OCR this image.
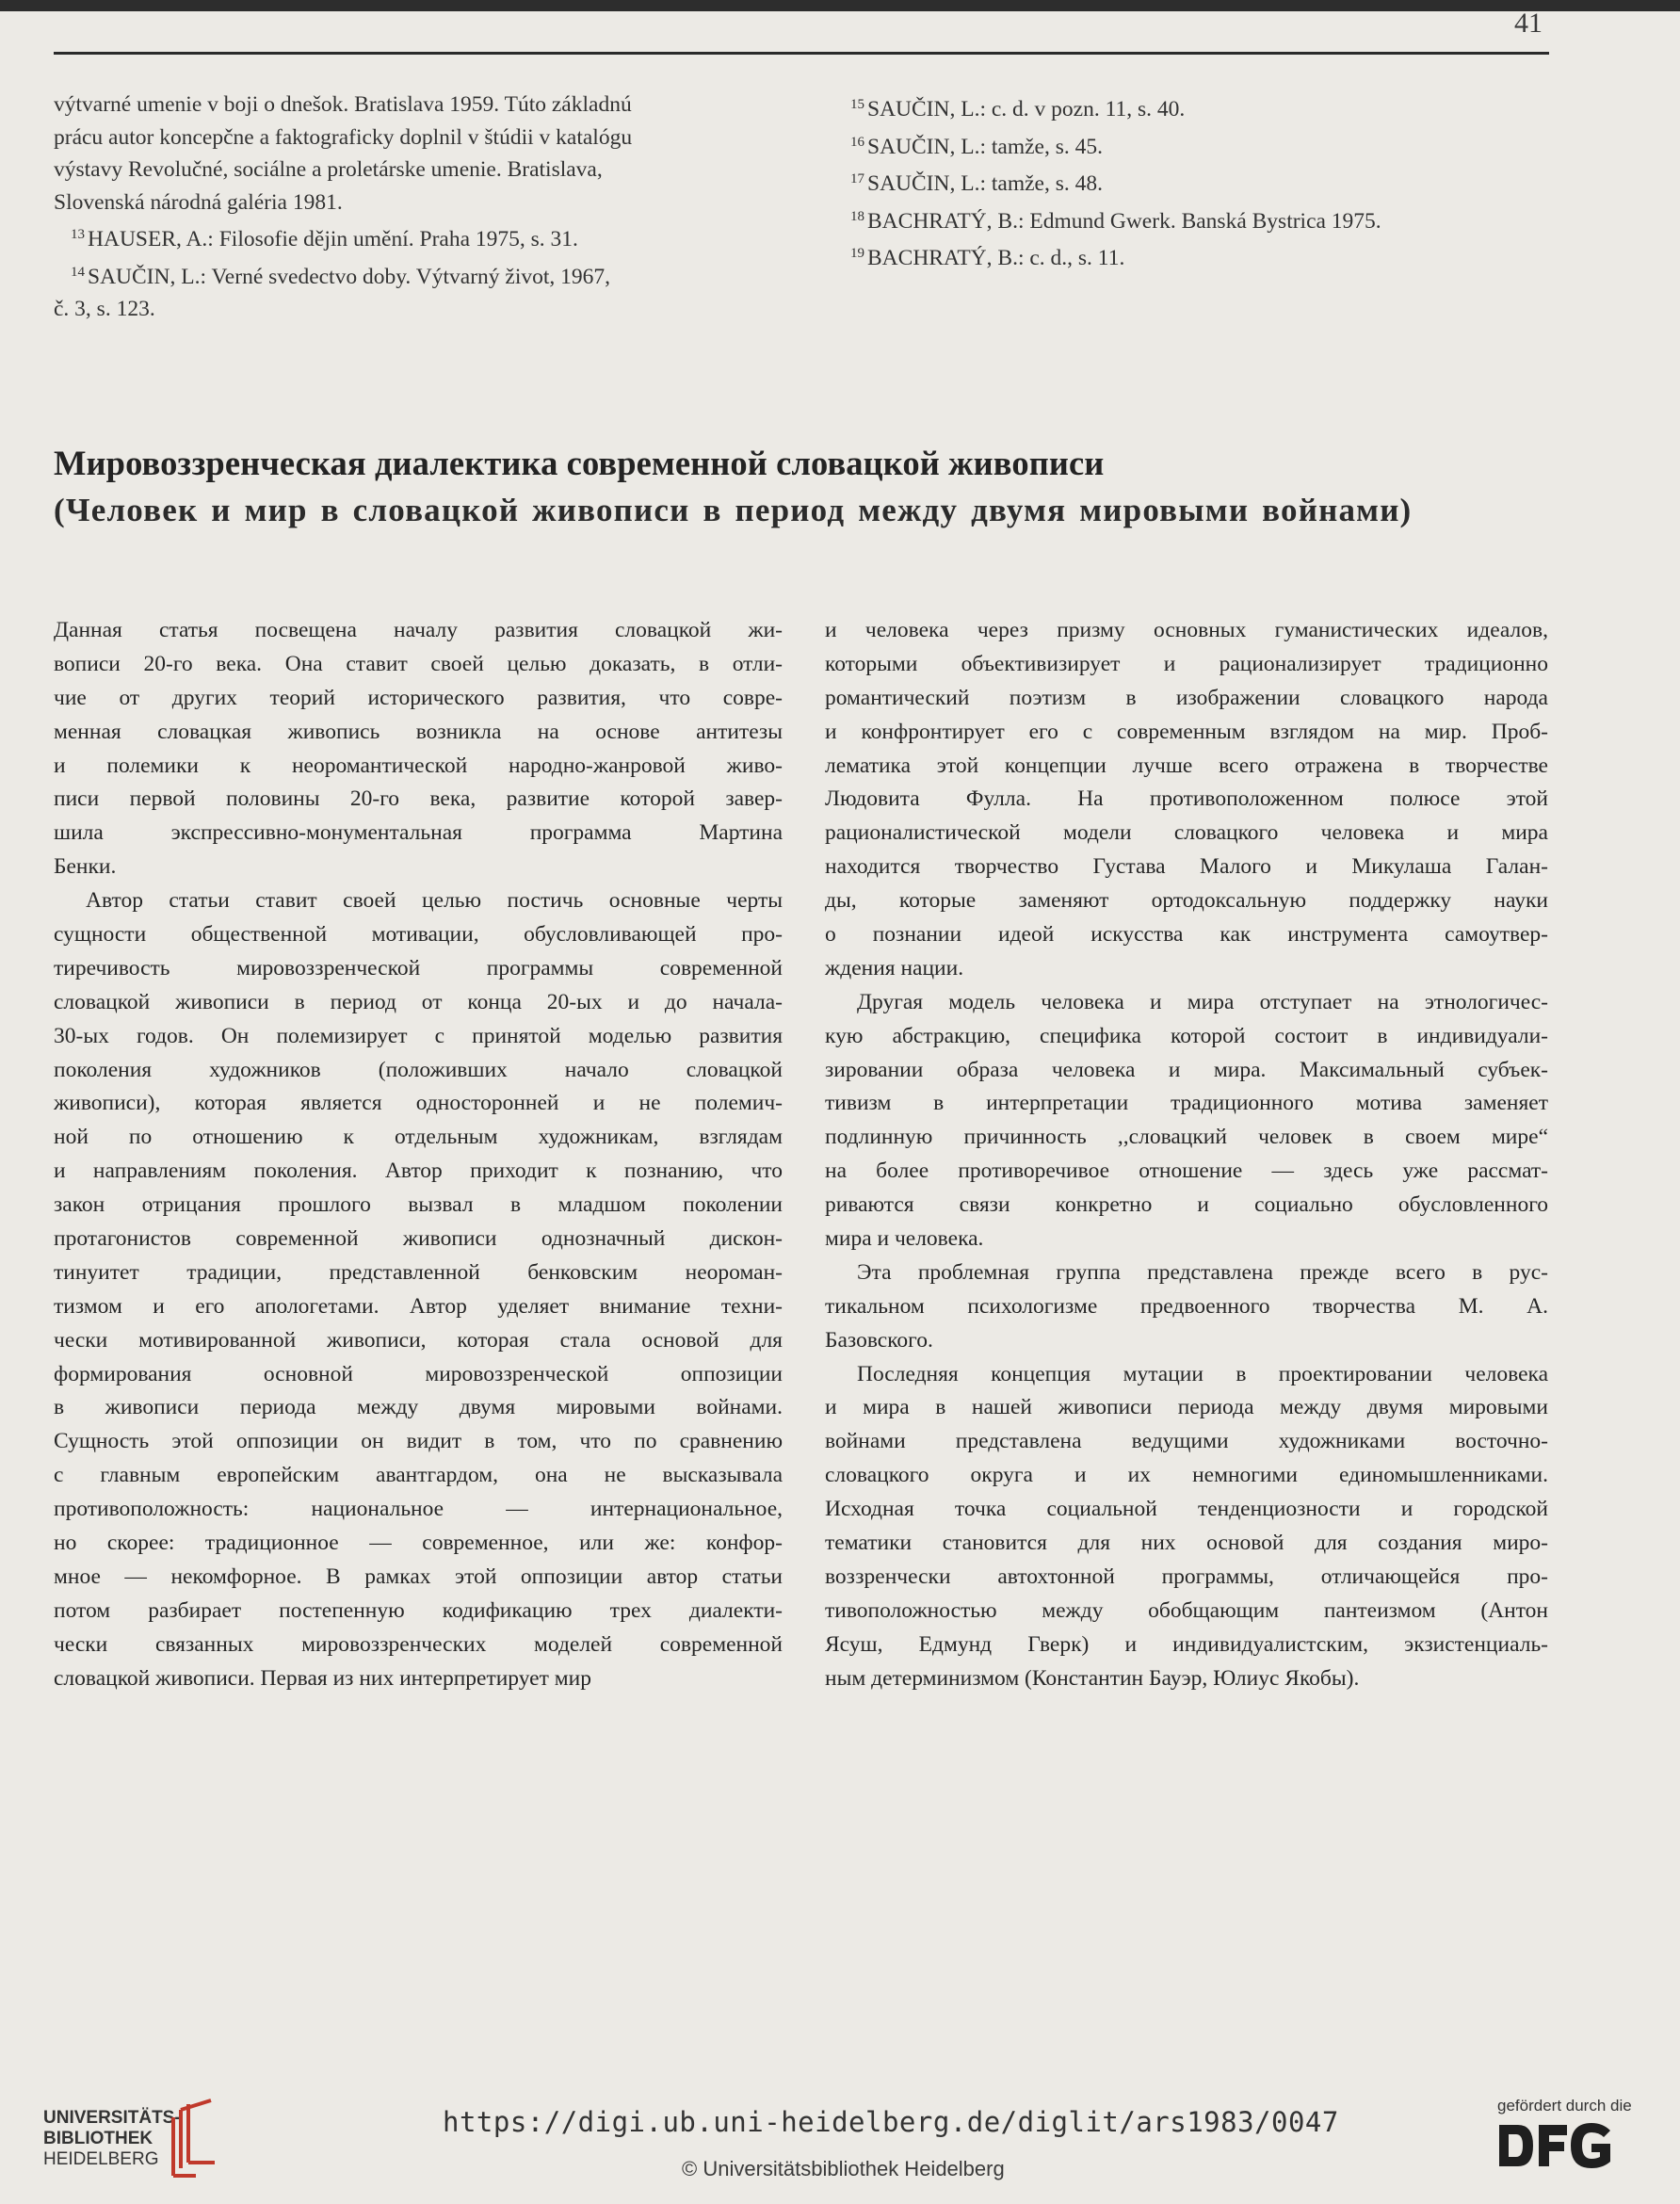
41

výtvarné umenie v boji o dnešok. Bratislava 1959. Túto základnú

prácu autor koncepčne a faktograficky doplnil v štúdii v katalógu

výstavy Revolučné, sociálne a proletárske umenie. Bratislava,

Slovenská národná galéria 1981.

$^{13}$ HAUSER, A.: Filosofie dějin umění. Praha 1975, s. 31.

$^{14}$ SAUČIN, L.: Verné svedectvo doby. Výtvarný život, 1967,

č. 3, s. 123.

$^{15}$ SAUČIN, L.: c. d. v pozn. 11, s. 40.

$^{16}$ SAUČIN, L.: tamže, s. 45.

$^{17}$ SAUČIN, L.: tamže, s. 48.

$^{18}$ BACHRATÝ, B.: Edmund Gwerk. Banská Bystrica 1975.

$^{19}$ BACHRATÝ, B.: c. d., s. 11.

Мировоззренческая диалектика современной словацкой живописи
(Человек и мир в словацкой живописи в период между двумя мировыми войнами)
Данная статья посвещена началу развития словацкой жи-
вописи 20-го века. Она ставит своей целью доказать, в отли-
чие от других теорий исторического развития, что совре-
менная словацкая живопись возникла на основе антитезы
и полемики к неоромантической народно-жанровой живо-
писи первой половины 20-го века, развитие которой завер-
шила экспрессивно-монументальная программа Мартина
Бенки.
Автор статьи ставит своей целью постичь основные черты
сущности общественной мотивации, обусловливающей про-
тиречивость мировоззренческой программы современной
словацкой живописи в период от конца 20-ых и до начала-
30-ых годов. Он полемизирует с принятой моделью развития
поколения художников (положивших начало словацкой
живописи), которая является односторонней и не полемич-
ной по отношению к отдельным художникам, взглядам
и направлениям поколения. Автор приходит к познанию, что
закон отрицания прошлого вызвал в младшом поколении
протагонистов современной живописи однозначный дискон-
тинуитет традиции, представленной бенковским неороман-
тизмом и его апологетами. Автор уделяет внимание техни-
чески мотивированной живописи, которая стала основой для
формирования основной мировоззренческой оппозиции
в живописи периода между двумя мировыми войнами.
Сущность этой оппозиции он видит в том, что по сравнению
с главным европейским авантгардом, она не высказывала
противоположность: национальное — интернациональное,
но скорее: традиционное — современное, или же: конфор-
мное — некомфорное. В рамках этой оппозиции автор статьи
потом разбирает постепенную кодификацию трех диалекти-
чески связанных мировоззренческих моделей современной
словацкой живописи. Первая из них интерпретирует мир
и человека через призму основных гуманистических идеалов,
которыми объективизирует и рационализирует традиционно
романтический поэтизм в изображении словацкого народа
и конфронтирует его с современным взглядом на мир. Проб-
лематика этой концепции лучше всего отражена в творчестве
Людовита Фулла. На противоположенном полюсе этой
рационалистической модели словацкого человека и мира
находится творчество Густава Малого и Микулаша Галан-
ды, которые заменяют ортодоксальную поддержку науки
о познании идеой искусства как инструмента самоутвер-
ждения нации.
Другая модель человека и мира отступает на этнологичес-
кую абстракцию, специфика которой состоит в индивидуали-
зировании образа человека и мира. Максимальный субъек-
тивизм в интерпретации традиционного мотива заменяет
подлинную причинность ,,словацкий человек в своем мире“
на более противоречивое отношение — здесь уже рассмат-
риваются связи конкретно и социально обусловленного
мира и человека.
Эта проблемная группа представлена прежде всего в рус-
тикальном психологизме предвоенного творчества М. А.
Базовского.
Последняя концепция мутации в проектировании человека
и мира в нашей живописи периода между двумя мировыми
войнами представлена ведущими художниками восточно-
словацкого округа и их немногими единомышленниками.
Исходная точка социальной тенденциозности и городской
тематики становится для них основой для создания миро-
воззренчески автохтонной программы, отличающейся про-
тивоположностью между обобщающим пантеизмом (Антон
Ясуш, Едмунд Гверк) и индивидуалистским, экзистенциаль-
ным детерминизмом (Константин Бауэр, Юлиус Якобы).
UNIVERSITÄTS-
BIBLIOTHEK
HEIDELBERG
https://digi.ub.uni-heidelberg.de/diglit/ars1983/0047
© Universitätsbibliothek Heidelberg
gefördert durch die
